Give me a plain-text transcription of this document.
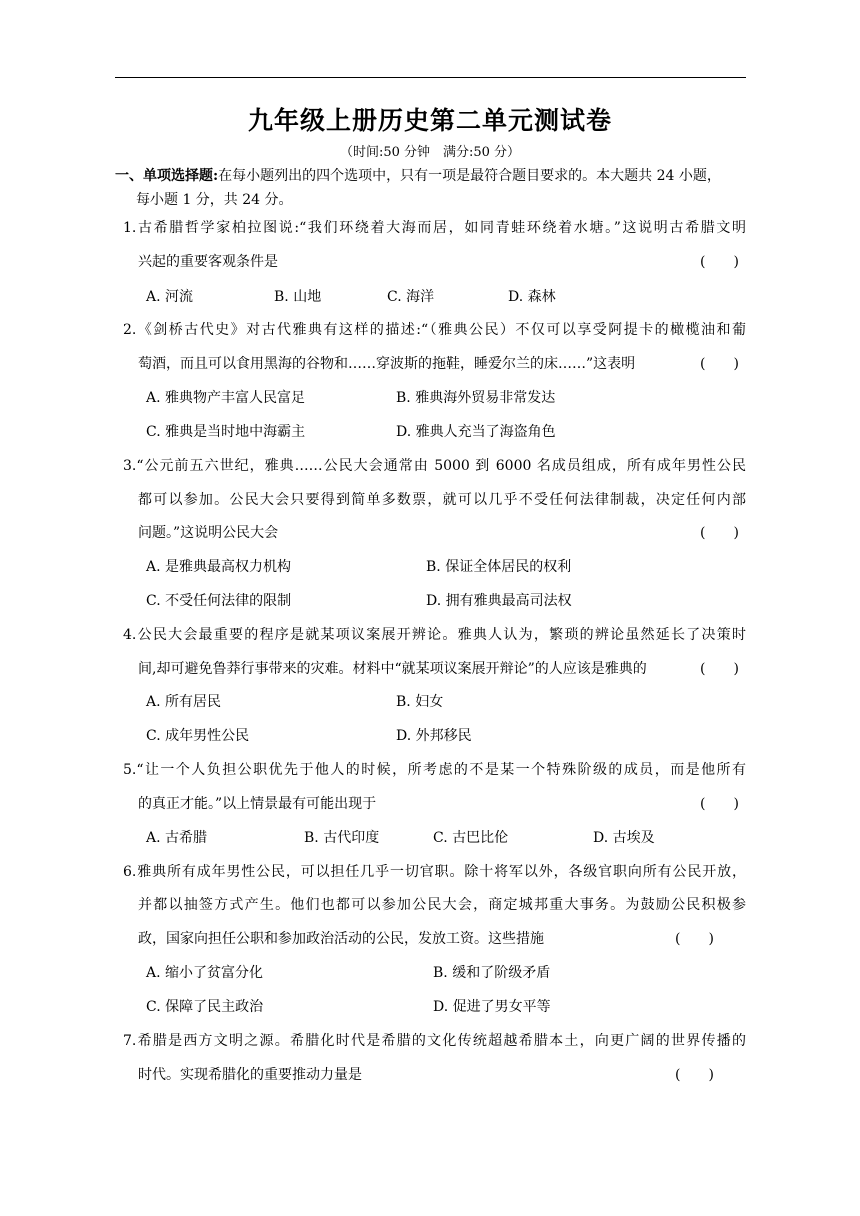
九年级上册历史第二单元测试卷
（时间:50 分钟　满分:50 分）
一、单项选择题:在每小题列出的四个选项中，只有一项是最符合题目要求的。本大题共 24 小题，
每小题 1 分，共 24 分。
1.古希腊哲学家柏拉图说:“我们环绕着大海而居，如同青蛙环绕着水塘。”这说明古希腊文明
兴起的重要客观条件是	(　　)
A. 河流	B. 山地	C. 海洋	D. 森林
2.《剑桥古代史》对古代雅典有这样的描述:“（雅典公民）不仅可以享受阿提卡的橄榄油和葡
萄酒，而且可以食用黑海的谷物和……穿波斯的拖鞋，睡爱尔兰的床……”这表明	(　　)
A. 雅典物产丰富人民富足	B. 雅典海外贸易非常发达
C. 雅典是当时地中海霸主	D. 雅典人充当了海盗角色
3.“公元前五六世纪，雅典……公民大会通常由 5000 到 6000 名成员组成，所有成年男性公民
都可以参加。公民大会只要得到简单多数票，就可以几乎不受任何法律制裁，决定任何内部
问题。”这说明公民大会	(　　)
A. 是雅典最高权力机构	B. 保证全体居民的权利
C. 不受任何法律的限制	D. 拥有雅典最高司法权
4.公民大会最重要的程序是就某项议案展开辨论。雅典人认为，繁琐的辨论虽然延长了决策时
间,却可避免鲁莽行事带来的灾难。材料中“就某项议案展开辩论”的人应该是雅典的	(　　)
A. 所有居民	B. 妇女
C. 成年男性公民	D. 外邦移民
5.“让一个人负担公职优先于他人的时候，所考虑的不是某一个特殊阶级的成员，而是他所有
的真正才能。”以上情景最有可能出现于	(　　)
A. 古希腊	B. 古代印度	C. 古巴比伦	D. 古埃及
6.雅典所有成年男性公民，可以担任几乎一切官职。除十将军以外，各级官职向所有公民开放，
并都以抽签方式产生。他们也都可以参加公民大会，商定城邦重大事务。为鼓励公民积极参
政，国家向担任公职和参加政治活动的公民，发放工资。这些措施	(　　)
A. 缩小了贫富分化	B. 缓和了阶级矛盾
C. 保障了民主政治	D. 促进了男女平等
7.希腊是西方文明之源。希腊化时代是希腊的文化传统超越希腊本土，向更广阔的世界传播的
时代。实现希腊化的重要推动力量是	(　　)
